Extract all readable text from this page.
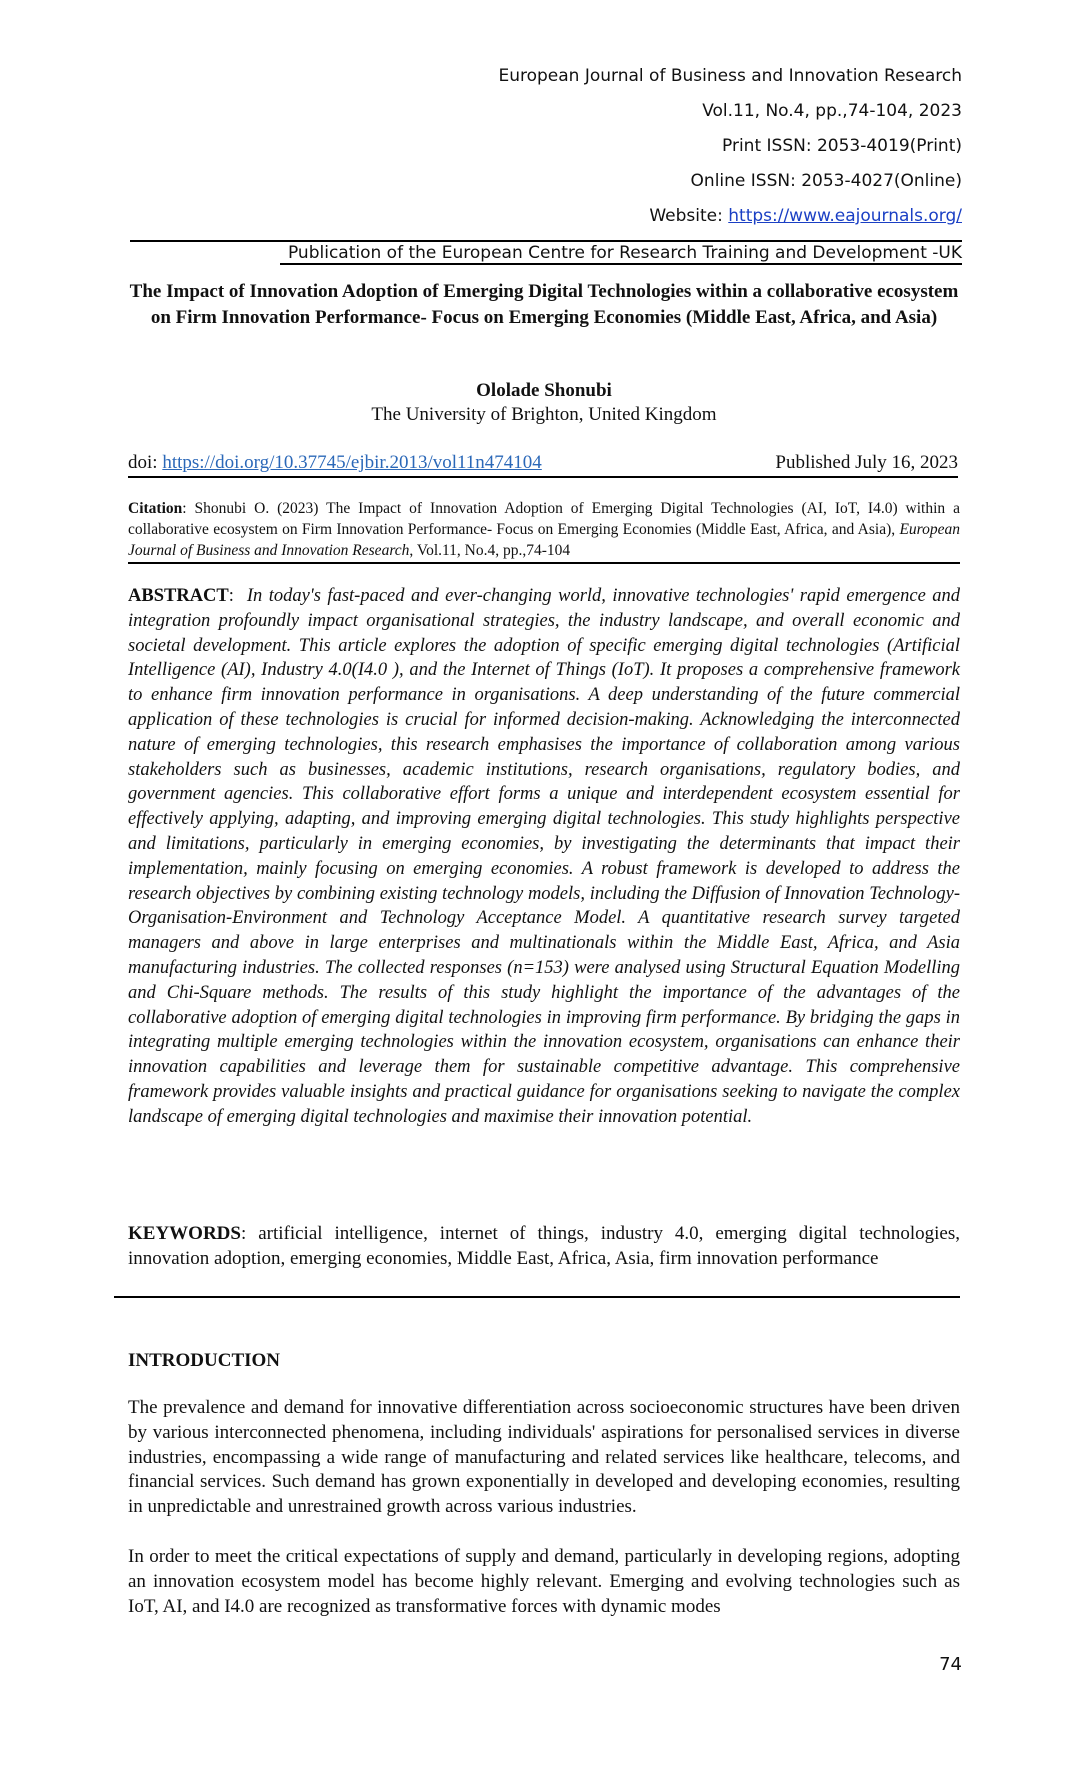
European Journal of Business and Innovation Research
Vol.11, No.4, pp.,74-104, 2023
Print ISSN: 2053-4019(Print)
Online ISSN: 2053-4027(Online)
Website: https://www.eajournals.org/
Publication of the European Centre for Research Training and Development -UK
The Impact of Innovation Adoption of Emerging Digital Technologies within a collaborative ecosystem on Firm Innovation Performance- Focus on Emerging Economies (Middle East, Africa, and Asia)
Ololade Shonubi
The University of Brighton, United Kingdom
doi: https://doi.org/10.37745/ejbir.2013/vol11n474104	Published July 16, 2023
Citation: Shonubi O. (2023) The Impact of Innovation Adoption of Emerging Digital Technologies (AI, IoT, I4.0) within a collaborative ecosystem on Firm Innovation Performance- Focus on Emerging Economies (Middle East, Africa, and Asia), European Journal of Business and Innovation Research, Vol.11, No.4, pp.,74-104
ABSTRACT:  In today's fast-paced and ever-changing world, innovative technologies' rapid emergence and integration profoundly impact organisational strategies, the industry landscape, and overall economic and societal development. This article explores the adoption of specific emerging digital technologies (Artificial Intelligence (AI), Industry 4.0(I4.0 ), and the Internet of Things (IoT). It proposes a comprehensive framework to enhance firm innovation performance in organisations. A deep understanding of the future commercial application of these technologies is crucial for informed decision-making. Acknowledging the interconnected nature of emerging technologies, this research emphasises the importance of collaboration among various stakeholders such as businesses, academic institutions, research organisations, regulatory bodies, and government agencies. This collaborative effort forms a unique and interdependent ecosystem essential for effectively applying, adapting, and improving emerging digital technologies. This study highlights perspective and limitations, particularly in emerging economies, by investigating the determinants that impact their implementation, mainly focusing on emerging economies. A robust framework is developed to address the research objectives by combining existing technology models, including the Diffusion of Innovation Technology-Organisation-Environment and Technology Acceptance Model. A quantitative research survey targeted managers and above in large enterprises and multinationals within the Middle East, Africa, and Asia manufacturing industries. The collected responses (n=153) were analysed using Structural Equation Modelling and Chi-Square methods. The results of this study highlight the importance of the advantages of the collaborative adoption of emerging digital technologies in improving firm performance. By bridging the gaps in integrating multiple emerging technologies within the innovation ecosystem, organisations can enhance their innovation capabilities and leverage them for sustainable competitive advantage. This comprehensive framework provides valuable insights and practical guidance for organisations seeking to navigate the complex landscape of emerging digital technologies and maximise their innovation potential.
KEYWORDS: artificial intelligence, internet of things, industry 4.0, emerging digital technologies, innovation adoption, emerging economies, Middle East, Africa, Asia, firm innovation performance
INTRODUCTION
The prevalence and demand for innovative differentiation across socioeconomic structures have been driven by various interconnected phenomena, including individuals' aspirations for personalised services in diverse industries, encompassing a wide range of manufacturing and related services like healthcare, telecoms, and financial services. Such demand has grown exponentially in developed and developing economies, resulting in unpredictable and unrestrained growth across various industries.
In order to meet the critical expectations of supply and demand, particularly in developing regions, adopting an innovation ecosystem model has become highly relevant. Emerging and evolving technologies such as IoT, AI, and I4.0 are recognized as transformative forces with dynamic modes
74
